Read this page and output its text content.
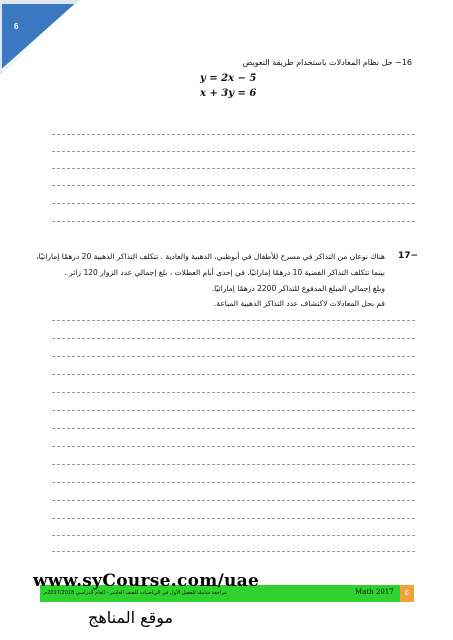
6
16− حل نظام المعادلات باستخدام طريقة التعويض
y = 2x − 5
x + 3y = 6
17−
هناك نوعان من التذاكر في مسرح للأطفال في أبوظبي، الذهبية والعادية . تتكلف التذاكر الذهبية 20 درهمًا إماراتيًا،
بينما تتكلف التذاكر الفضية 10 درهمًا إماراتيًا. في إحدى أيام العطلات ، بلغ إجمالي عدد الزوار 120 زائر .
وبلغ إجمالي المبلغ المدفوع للتذاكر 2200 درهمًا إماراتيًا.
قم بحل المعادلات لاكتشاف عدد التذاكر الذهبية المباعة.
مراجعة شاملة للفصل الأول في الرياضيات للصف العاشر - العام الدراسي 2017/2018م	Math 2017	6
www.syCourse.com/uae
موقع المناهج
